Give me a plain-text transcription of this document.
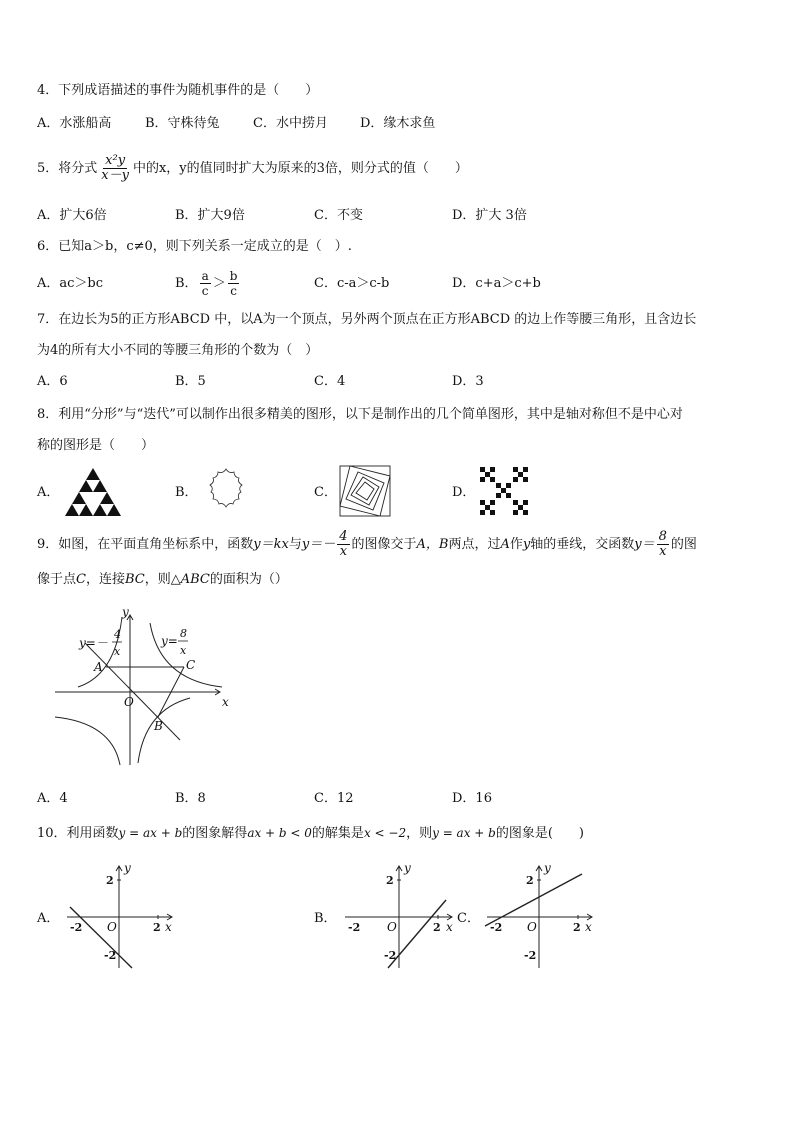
4．下列成语描述的事件为随机事件的是（　　）
A．水涨船高	B．守株待兔	C．水中捞月 D．缘木求鱼
5．将分式 $\frac{\text{x²y}}{x-y}$ 中的x，y的值同时扩大为原来的3倍，则分式的值（　　）
A．扩大6倍	B．扩大9倍	C．不变	D．扩大 3倍
6．已知a＞b，c≠0，则下列关系一定成立的是（　）.
A．ac＞bc	B． $\frac{a}{c} > \frac{b}{c}$	C．c-a＞c-b	D．c+a＞c+b
7．在边长为5的正方形ABCD 中，以A为一个顶点，另外两个顶点在正方形ABCD 的边上作等腰三角形，且含边长
为4的所有大小不同的等腰三角形的个数为（　）
A．6	B．5	C．4	D．3
8．利用“分形”与“迭代”可以制作出很多精美的图形，以下是制作出的几个简单图形，其中是轴对称但不是中心对
称的图形是（　　）
A．	B．	C．	D．
9．如图，在平面直角坐标系中，函数y＝kx与$y=- \frac{4}{x}$ 的图像交于A，B两点，过A作y轴的垂线，交函数$y= \frac{8}{x}$ 的图
像于点C，连接BC，则△ABC的面积为（）
y
x
O
A
B
C
y=－
4
x
y=
8
x
A．4	B．8	C．12	D．16
10．利用函数y = ax + b的图象解得ax + b < 0的解集是x < −2，则y = ax + b的图象是(　　)
A．
y
x
O
2
2
-2
-2
B．
y
x
O
2
2
-2
-2
C．
y
x
O
2
2
-2
-2
